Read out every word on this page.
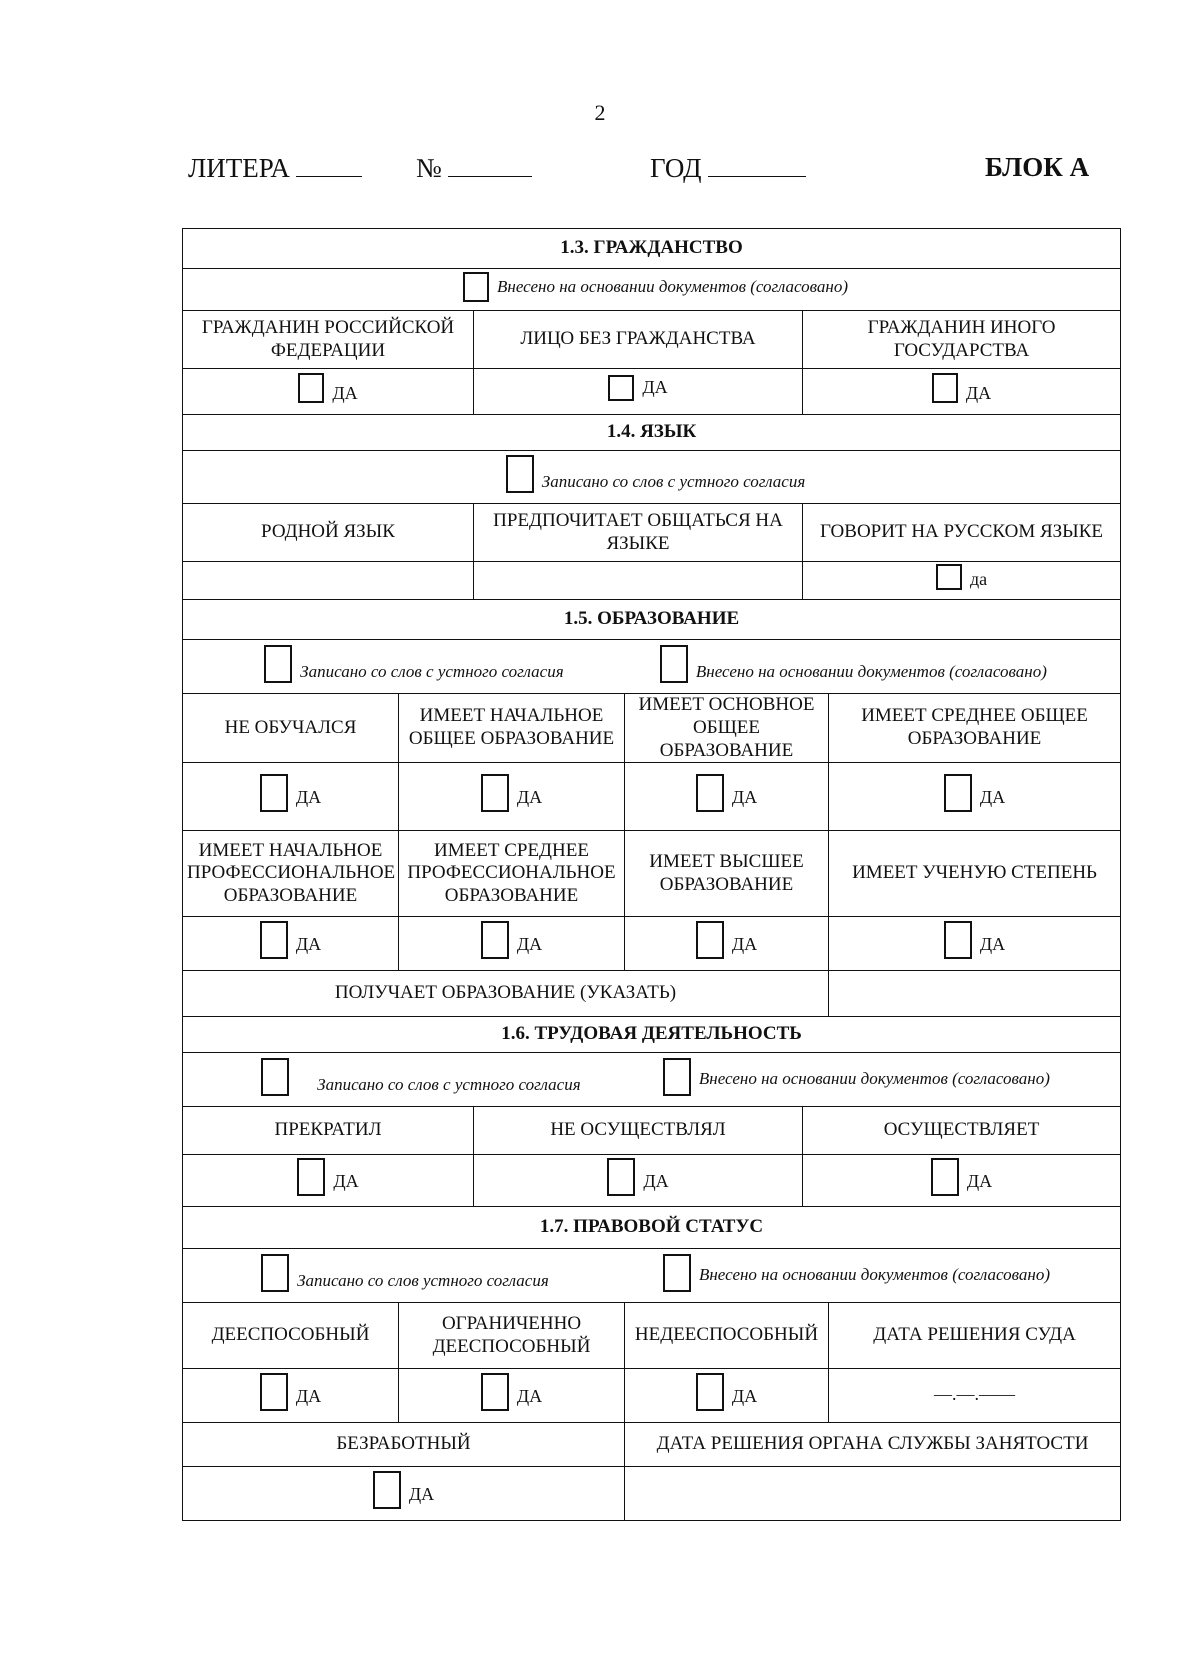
2
ЛИТЕРА	№	ГОД	БЛОК А
1.3. ГРАЖДАНСТВО					

Внесено на основании документов (согласовано)					

ГРАЖДАНИН РОССИЙСКОЙ ФЕДЕРАЦИИ		ЛИЦО БЕЗ ГРАЖДАНСТВА		ГРАЖДАНИН ИНОГО ГОСУДАРСТВА	

ДА		ДА		ДА	

1.4. ЯЗЫК					

Записано со слов с устного согласия					

РОДНОЙ ЯЗЫК		ПРЕДПОЧИТАЕТ ОБЩАТЬСЯ НА ЯЗЫКЕ		ГОВОРИТ НА РУССКОМ ЯЗЫКЕ	

				да	

1.5. ОБРАЗОВАНИЕ					

Записано со слов с устного согласия
Внесено на основании документов (согласовано)					

НЕ ОБУЧАЛСЯ	ИМЕЕТ НАЧАЛЬНОЕ ОБЩЕЕ ОБРАЗОВАНИЕ		ИМЕЕТ ОСНОВНОЕ ОБЩЕЕ ОБРАЗОВАНИЕ		ИМЕЕТ СРЕДНЕЕ ОБЩЕЕ ОБРАЗОВАНИЕ

ДА	ДА		ДА		ДА

ИМЕЕТ НАЧАЛЬНОЕ ПРОФЕССИОНАЛЬНОЕ ОБРАЗОВАНИЕ	ИМЕЕТ СРЕДНЕЕ ПРОФЕССИОНАЛЬНОЕ ОБРАЗОВАНИЕ		ИМЕЕТ ВЫСШЕЕ ОБРАЗОВАНИЕ		ИМЕЕТ УЧЕНУЮ СТЕПЕНЬ

ДА	ДА		ДА		ДА

ПОЛУЧАЕТ ОБРАЗОВАНИЕ (УКАЗАТЬ)					
1.6. ТРУДОВАЯ ДЕЯТЕЛЬНОСТЬ					

Записано со слов с устного согласия
Внесено на основании документов (согласовано)					

ПРЕКРАТИЛ		НЕ ОСУЩЕСТВЛЯЛ		ОСУЩЕСТВЛЯЕТ	

ДА		ДА		ДА	

1.7. ПРАВОВОЙ СТАТУС					

Записано со слов устного согласия
Внесено на основании документов (согласовано)					

ДЕЕСПОСОБНЫЙ	ОГРАНИЧЕННО ДЕЕСПОСОБНЫЙ		НЕДЕЕСПОСОБНЫЙ		ДАТА РЕШЕНИЯ СУДА

ДА	ДА		ДА		—.—.——
БЕЗРАБОТНЫЙ			ДАТА РЕШЕНИЯ ОРГАНА СЛУЖБЫ ЗАНЯТОСТИ		

ДА					
